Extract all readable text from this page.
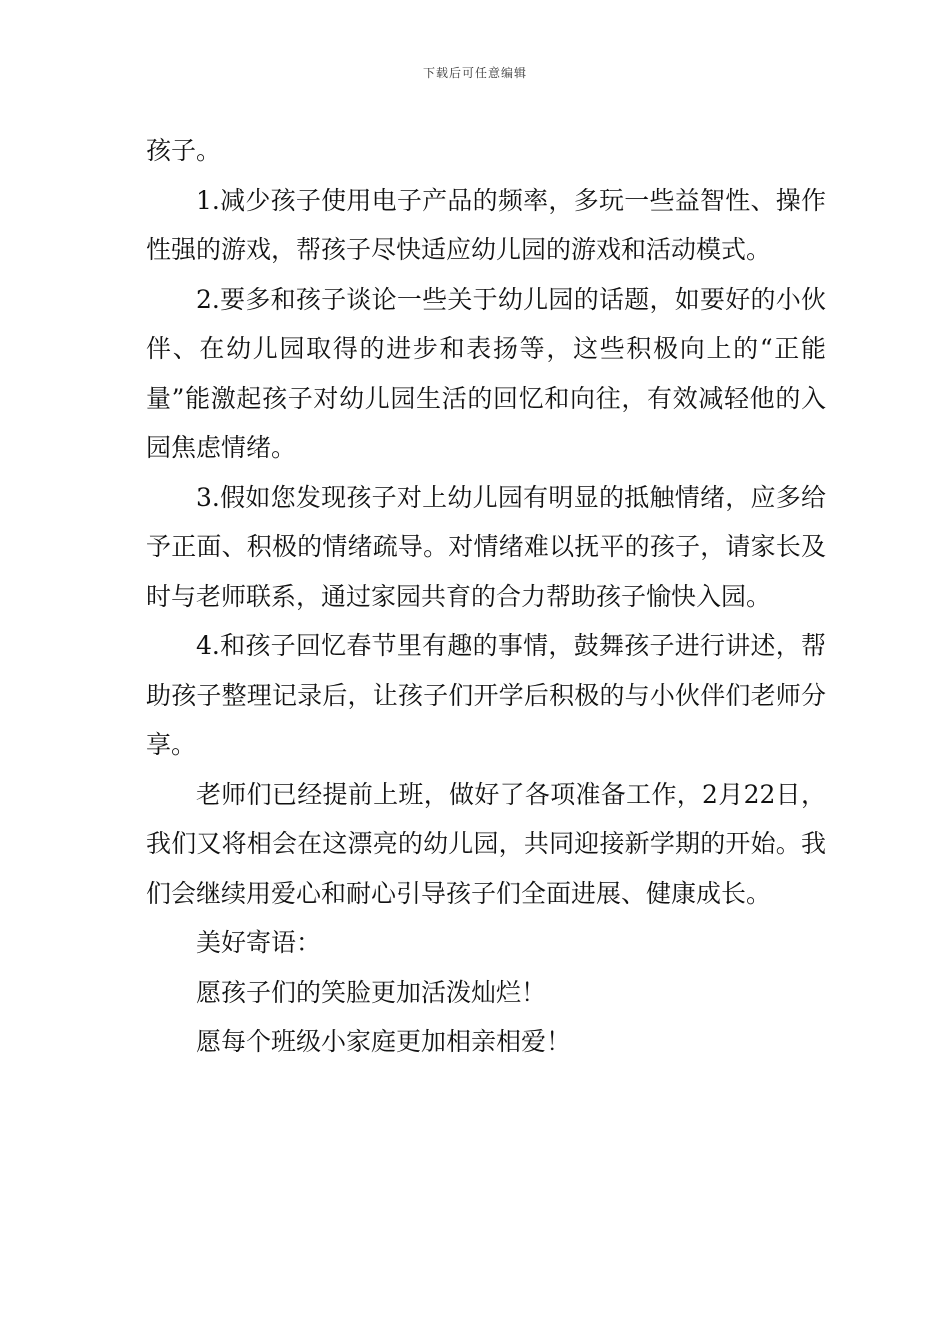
下载后可任意编辑

孩子。

1.减少孩子使用电子产品的频率，多玩一些益智性、操作性强的游戏，帮孩子尽快适应幼儿园的游戏和活动模式。

2.要多和孩子谈论一些关于幼儿园的话题，如要好的小伙伴、在幼儿园取得的进步和表扬等，这些积极向上的“正能量”能激起孩子对幼儿园生活的回忆和向往，有效减轻他的入园焦虑情绪。

3.假如您发现孩子对上幼儿园有明显的抵触情绪，应多给予正面、积极的情绪疏导。对情绪难以抚平的孩子，请家长及时与老师联系，通过家园共育的合力帮助孩子愉快入园。

4.和孩子回忆春节里有趣的事情，鼓舞孩子进行讲述，帮助孩子整理记录后，让孩子们开学后积极的与小伙伴们老师分享。

老师们已经提前上班，做好了各项准备工作，2月22日，我们又将相会在这漂亮的幼儿园，共同迎接新学期的开始。我们会继续用爱心和耐心引导孩子们全面进展、健康成长。

美好寄语：

愿孩子们的笑脸更加活泼灿烂！

愿每个班级小家庭更加相亲相爱！
